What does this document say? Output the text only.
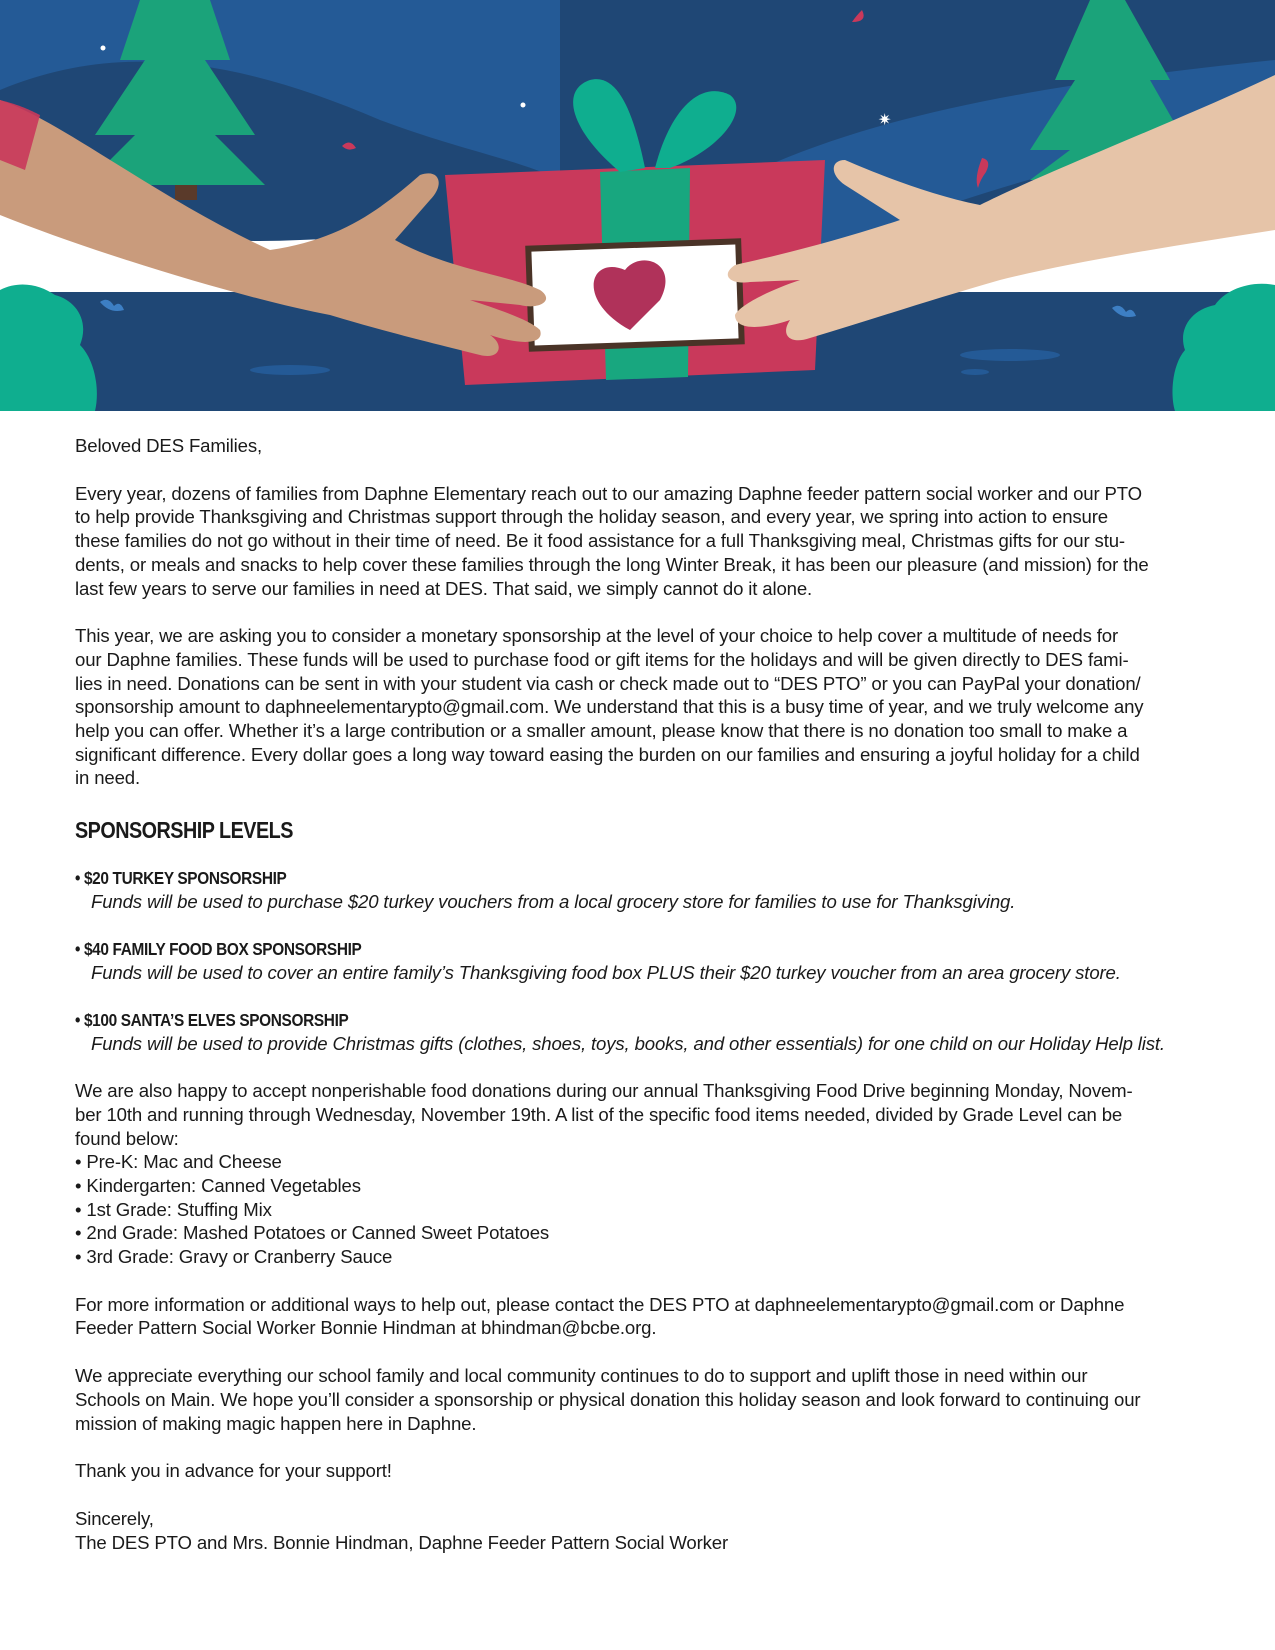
✷

Beloved DES Families,

Every year, dozens of families from Daphne Elementary reach out to our amazing Daphne feeder pattern social worker and our PTO

to help provide Thanksgiving and Christmas support through the holiday season, and every year, we spring into action to ensure

these families do not go without in their time of need. Be it food assistance for a full Thanksgiving meal, Christmas gifts for our stu-

dents, or meals and snacks to help cover these families through the long Winter Break, it has been our pleasure (and mission) for the

last few years to serve our families in need at DES. That said, we simply cannot do it alone.

This year, we are asking you to consider a monetary sponsorship at the level of your choice to help cover a multitude of needs for

our Daphne families. These funds will be used to purchase food or gift items for the holidays and will be given directly to DES fami-

lies in need. Donations can be sent in with your student via cash or check made out to “DES PTO” or you can PayPal your donation/

sponsorship amount to daphneelementarypto@gmail.com. We understand that this is a busy time of year, and we truly welcome any

help you can offer. Whether it’s a large contribution or a smaller amount, please know that there is no donation too small to make a

significant difference. Every dollar goes a long way toward easing the burden on our families and ensuring a joyful holiday for a child

in need.

SPONSORSHIP LEVELS

• $20 TURKEY SPONSORSHIP

Funds will be used to purchase $20 turkey vouchers from a local grocery store for families to use for Thanksgiving.

• $40 FAMILY FOOD BOX SPONSORSHIP

Funds will be used to cover an entire family’s Thanksgiving food box PLUS their $20 turkey voucher from an area grocery store.

• $100 SANTA’S ELVES SPONSORSHIP

Funds will be used to provide Christmas gifts (clothes, shoes, toys, books, and other essentials) for one child on our Holiday Help list.

We are also happy to accept nonperishable food donations during our annual Thanksgiving Food Drive beginning Monday, Novem-

ber 10th and running through Wednesday, November 19th. A list of the specific food items needed, divided by Grade Level can be

found below:

• Pre-K: Mac and Cheese
• Kindergarten: Canned Vegetables
• 1st Grade: Stuffing Mix
• 2nd Grade: Mashed Potatoes or Canned Sweet Potatoes
• 3rd Grade: Gravy or Cranberry Sauce

For more information or additional ways to help out, please contact the DES PTO at daphneelementarypto@gmail.com or Daphne

Feeder Pattern Social Worker Bonnie Hindman at bhindman@bcbe.org.

We appreciate everything our school family and local community continues to do to support and uplift those in need within our

Schools on Main. We hope you’ll consider a sponsorship or physical donation this holiday season and look forward to continuing our

mission of making magic happen here in Daphne.

Thank you in advance for your support!

Sincerely,

The DES PTO and Mrs. Bonnie Hindman, Daphne Feeder Pattern Social Worker
